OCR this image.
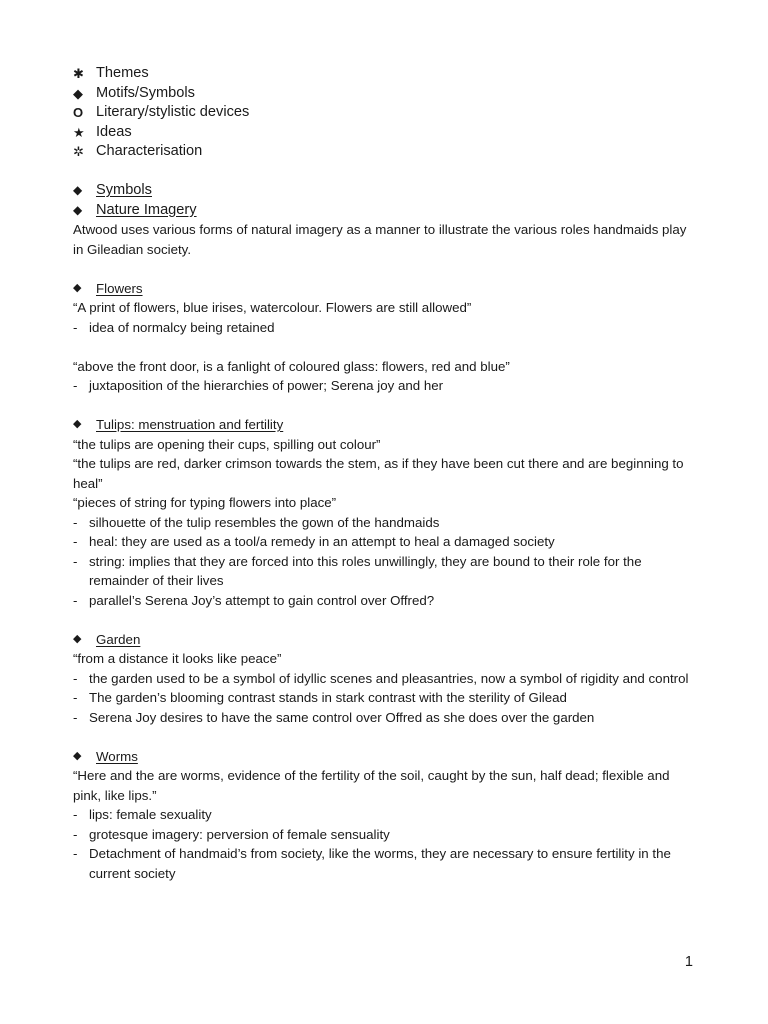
✱ Themes
◆ Motifs/Symbols
O Literary/stylistic devices
★ Ideas
✲ Characterisation
◆ Symbols
◆ Nature Imagery

Atwood uses various forms of natural imagery as a manner to illustrate the various roles handmaids play in Gileadian society.

◆	Flowers

“A print of flowers, blue irises, watercolour. Flowers are still allowed”

- idea of normalcy being retained

“above the front door, is a fanlight of coloured glass: flowers, red and blue”

- juxtaposition of the hierarchies of power; Serena joy and her
◆	Tulips: menstruation and fertility

“the tulips are opening their cups, spilling out colour”

“the tulips are red, darker crimson towards the stem, as if they have been cut there and are beginning to heal”

“pieces of string for typing flowers into place”

- silhouette of the tulip resembles the gown of the handmaids
- heal: they are used as a tool/a remedy in an attempt to heal a damaged society
- string: implies that they are forced into this roles unwillingly, they are bound to their role for the remainder of their lives
- parallel’s Serena Joy’s attempt to gain control over Offred?
◆	Garden

“from a distance it looks like peace”

- the garden used to be a symbol of idyllic scenes and pleasantries, now a symbol of rigidity and control
- The garden’s blooming contrast stands in stark contrast with the sterility of Gilead
- Serena Joy desires to have the same control over Offred as she does over the garden
◆	Worms

“Here and the are worms, evidence of the fertility of the soil, caught by the sun, half dead; flexible and pink, like lips.”

- lips: female sexuality
- grotesque imagery: perversion of female sensuality
- Detachment of handmaid’s from society, like the worms, they are necessary to ensure fertility in the current society
1
